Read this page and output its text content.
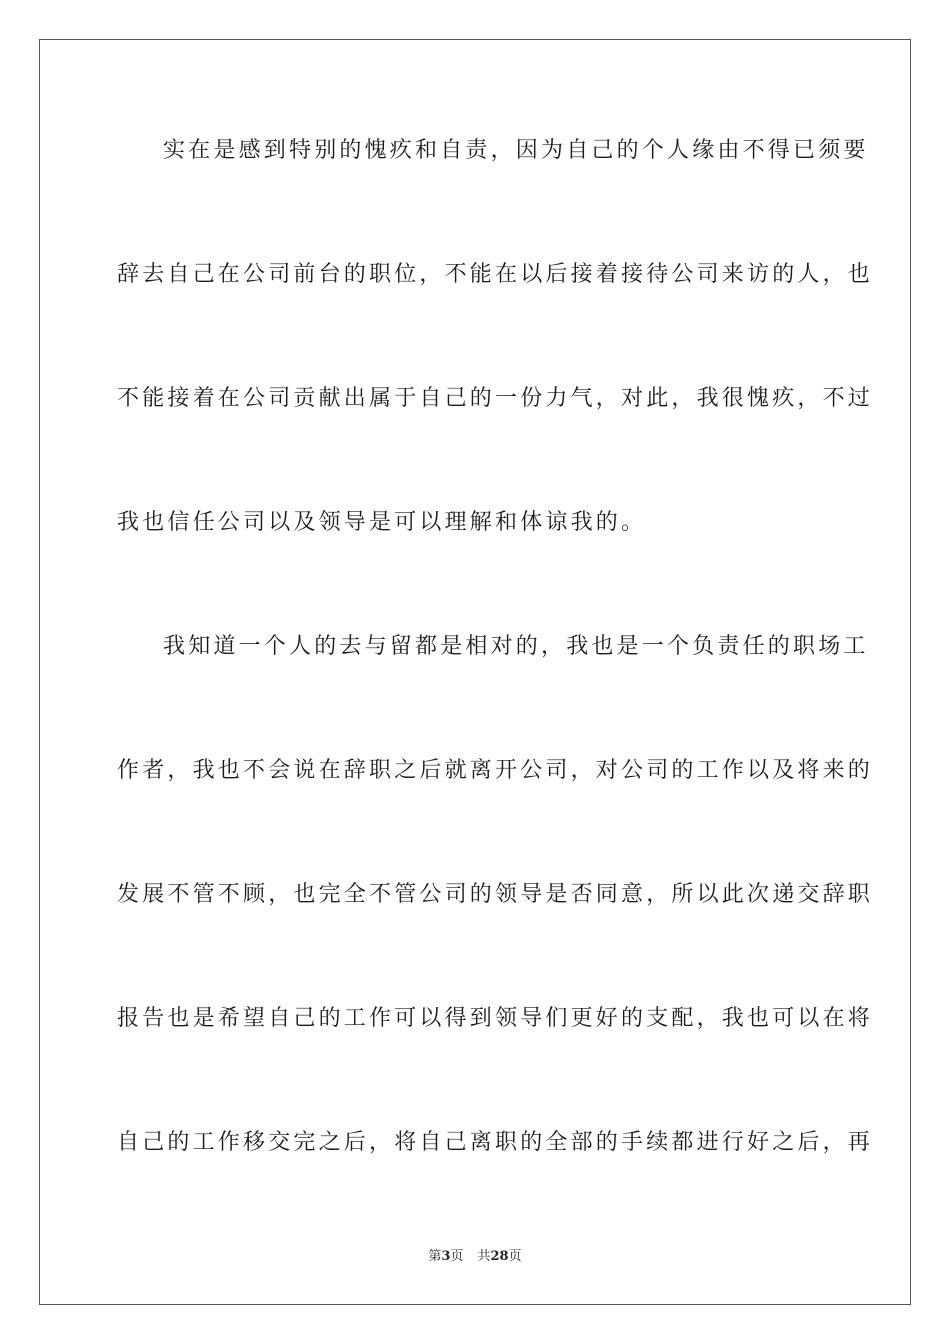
实在是感到特别的愧疚和自责，因为自己的个人缘由不得已须要
辞去自己在公司前台的职位，不能在以后接着接待公司来访的人，也
不能接着在公司贡献出属于自己的一份力气，对此，我很愧疚，不过
我也信任公司以及领导是可以理解和体谅我的。
我知道一个人的去与留都是相对的，我也是一个负责任的职场工
作者，我也不会说在辞职之后就离开公司，对公司的工作以及将来的
发展不管不顾，也完全不管公司的领导是否同意，所以此次递交辞职
报告也是希望自己的工作可以得到领导们更好的支配，我也可以在将
自己的工作移交完之后，将自己离职的全部的手续都进行好之后，再
第3页 共28页
